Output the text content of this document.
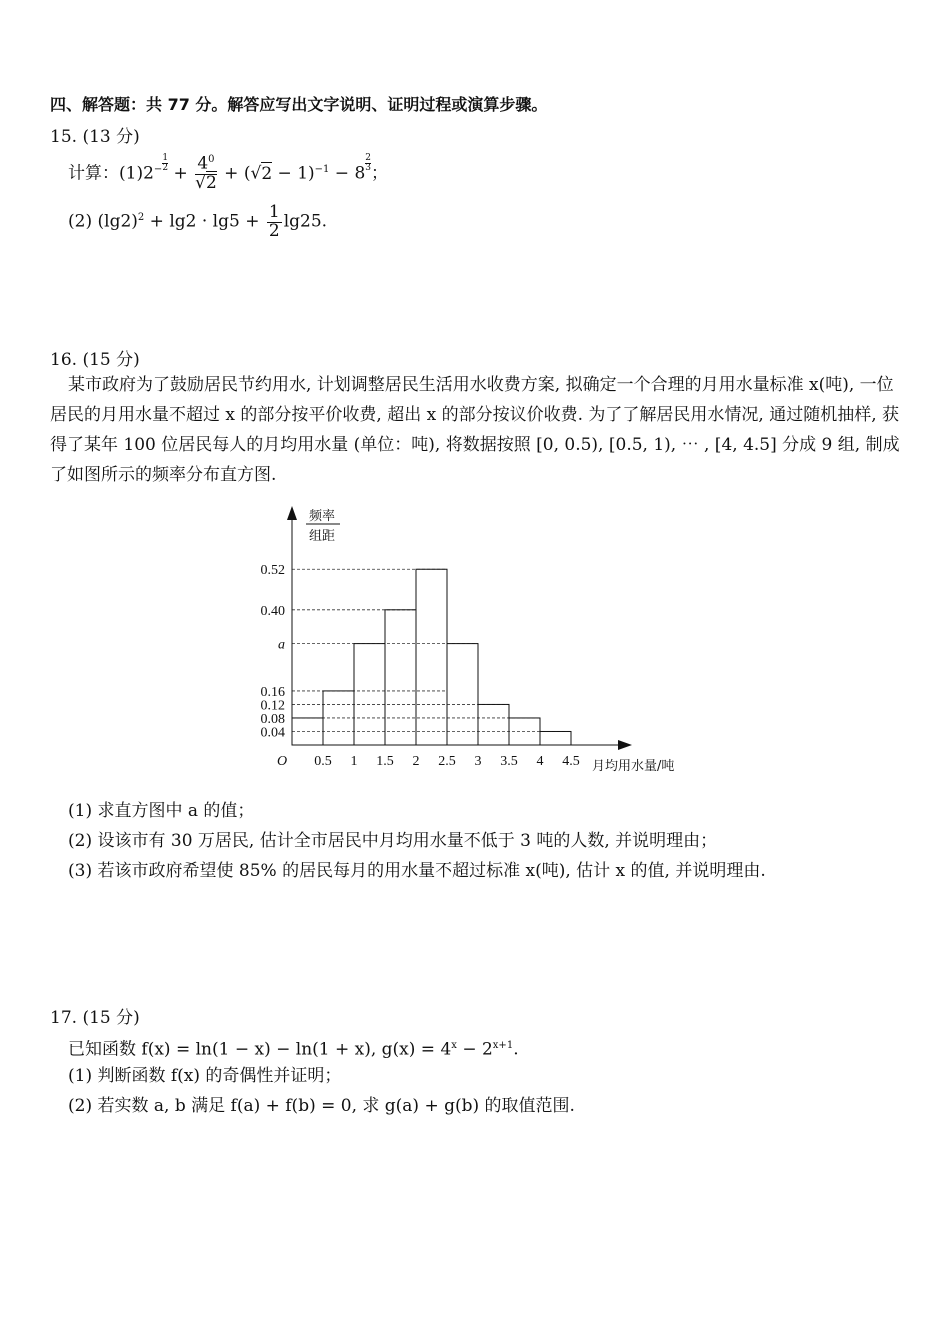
四、解答题：共 77 分。解答应写出文字说明、证明过程或演算步骤。
15. (13 分)
计算：$(1)2^{- \frac{1}{2}}$
+ $\frac{4^0}{√2} + (√2 - 1)^{-1} - 8$
$^{\frac{2}{3}}$
；
(2) $(\lg 2)^2 + \lg 2 \cdot \lg 5 + \frac{1}{2} \lg 25$.
16. (15 分)
某市政府为了鼓励居民节约用水, 计划调整居民生活用水收费方案, 拟确定一个合理的月用水量标准 x(吨), 一位居民的月用水量不超过 x 的部分按平价收费, 超出 x 的部分按议价收费. 为了了解居民用水情况, 通过随机抽样, 获得了某年 100 位居民每人的月均用水量 (单位：吨), 将数据按照 [0, 0.5), [0.5, 1), ⋯ , [4, 4.5] 分成 9 组, 制成了如图所示的频率分布直方图.
频率
组距
O	月均用水量/吨
0.52
0.40
a
0.16
0.12
0.08
0.04
0.5 1 1.5 2 2.5 3 3.5 4 4.5
(1) 求直方图中 a 的值；
(2) 设该市有 30 万居民, 估计全市居民中月均用水量不低于 3 吨的人数, 并说明理由；
(3) 若该市政府希望使 85% 的居民每月的用水量不超过标准 x(吨), 估计 x 的值, 并说明理由.
17. (15 分)
已知函数 f(x) = ln(1 − x) − ln(1 + x), $g(x) = 4^x - 2^{x+1}$.
(1) 判断函数 f(x) 的奇偶性并证明；
(2) 若实数 a, b 满足 f(a) + f(b) = 0, 求 g(a) + g(b) 的取值范围.
